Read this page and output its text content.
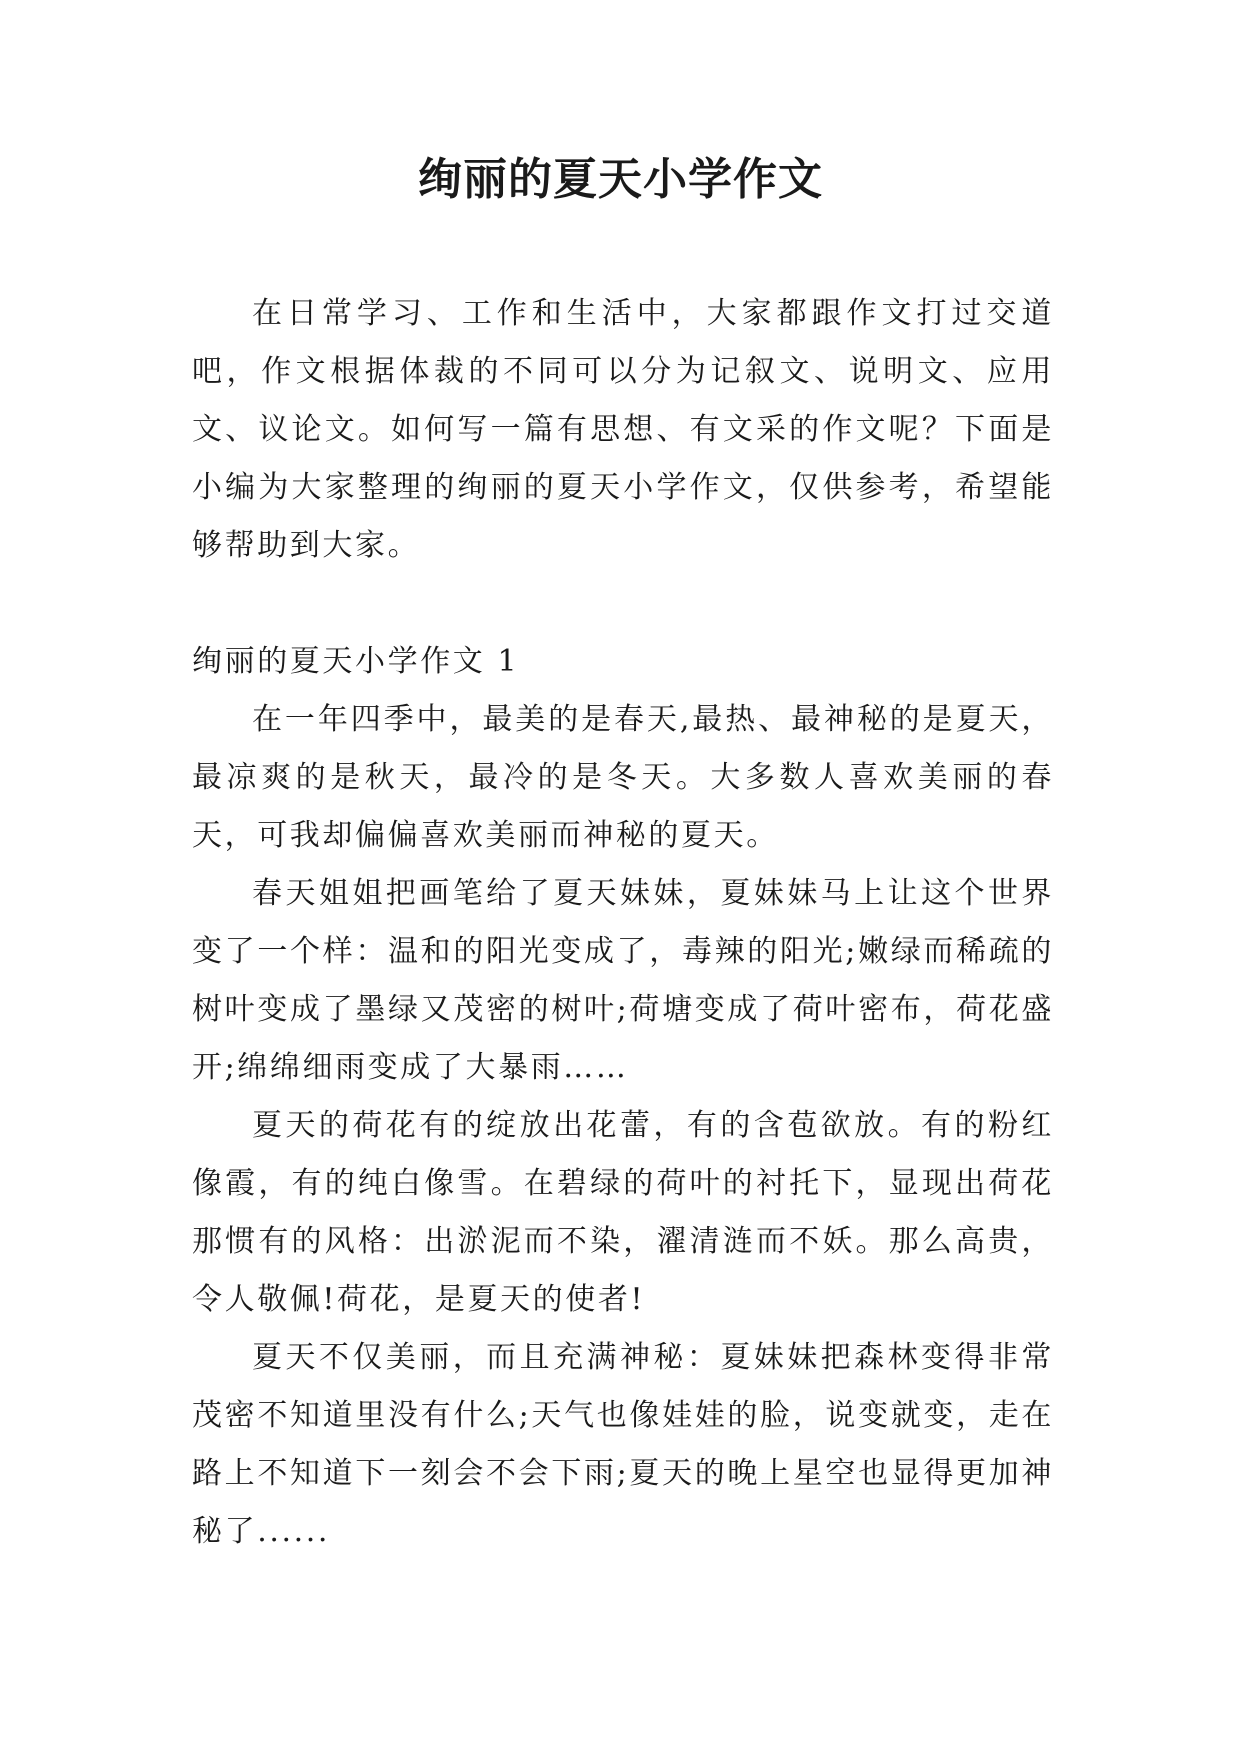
绚丽的夏天小学作文

在日常学习、工作和生活中，大家都跟作文打过交道吧，作文根据体裁的不同可以分为记叙文、说明文、应用文、议论文。如何写一篇有思想、有文采的作文呢？下面是小编为大家整理的绚丽的夏天小学作文，仅供参考，希望能够帮助到大家。

绚丽的夏天小学作文 1

在一年四季中，最美的是春天,最热、最神秘的是夏天，最凉爽的是秋天，最冷的是冬天。大多数人喜欢美丽的春天，可我却偏偏喜欢美丽而神秘的夏天。

春天姐姐把画笔给了夏天妹妹，夏妹妹马上让这个世界变了一个样：温和的阳光变成了，毒辣的阳光;嫩绿而稀疏的树叶变成了墨绿又茂密的树叶;荷塘变成了荷叶密布，荷花盛开;绵绵细雨变成了大暴雨……

夏天的荷花有的绽放出花蕾，有的含苞欲放。有的粉红像霞，有的纯白像雪。在碧绿的荷叶的衬托下，显现出荷花那惯有的风格：出淤泥而不染，濯清涟而不妖。那么高贵，令人敬佩!荷花，是夏天的使者!

夏天不仅美丽，而且充满神秘：夏妹妹把森林变得非常茂密不知道里没有什么;天气也像娃娃的脸，说变就变，走在路上不知道下一刻会不会下雨;夏天的晚上星空也显得更加神秘了......
